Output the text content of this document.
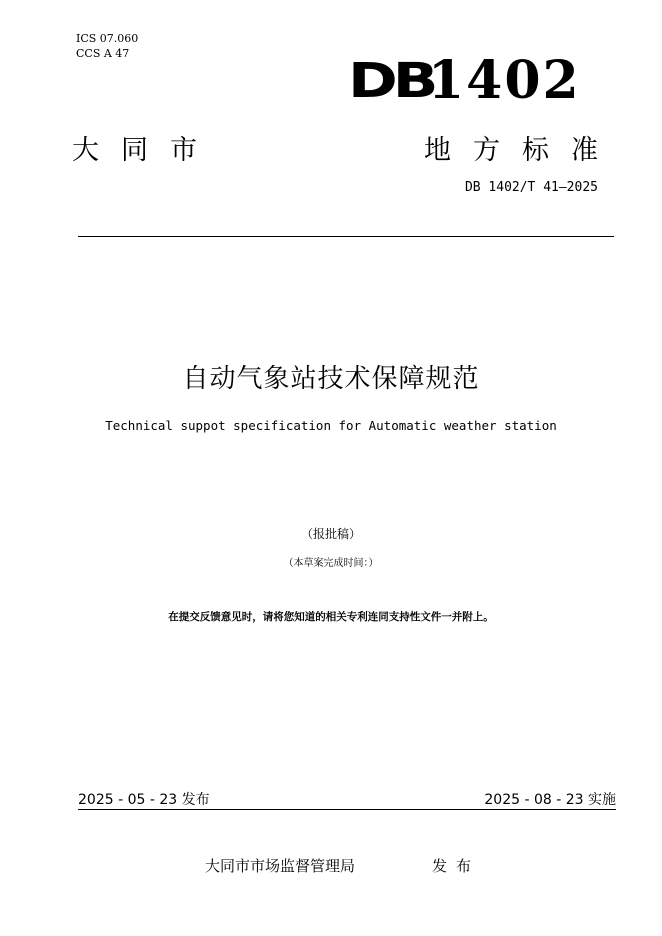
ICS 07.060
CCS A 47	DB
1402
大同市	地方标准
DB 1402/T 41—2025
自动气象站技术保障规范
Technical suppot specification for Automatic weather station
（报批稿）
（本草案完成时间：）
在提交反馈意见时，请将您知道的相关专利连同支持性文件一并附上。
2025 - 05 - 23 发布	2025 - 08 - 23 实施
大同市市场监督管理局	发布
